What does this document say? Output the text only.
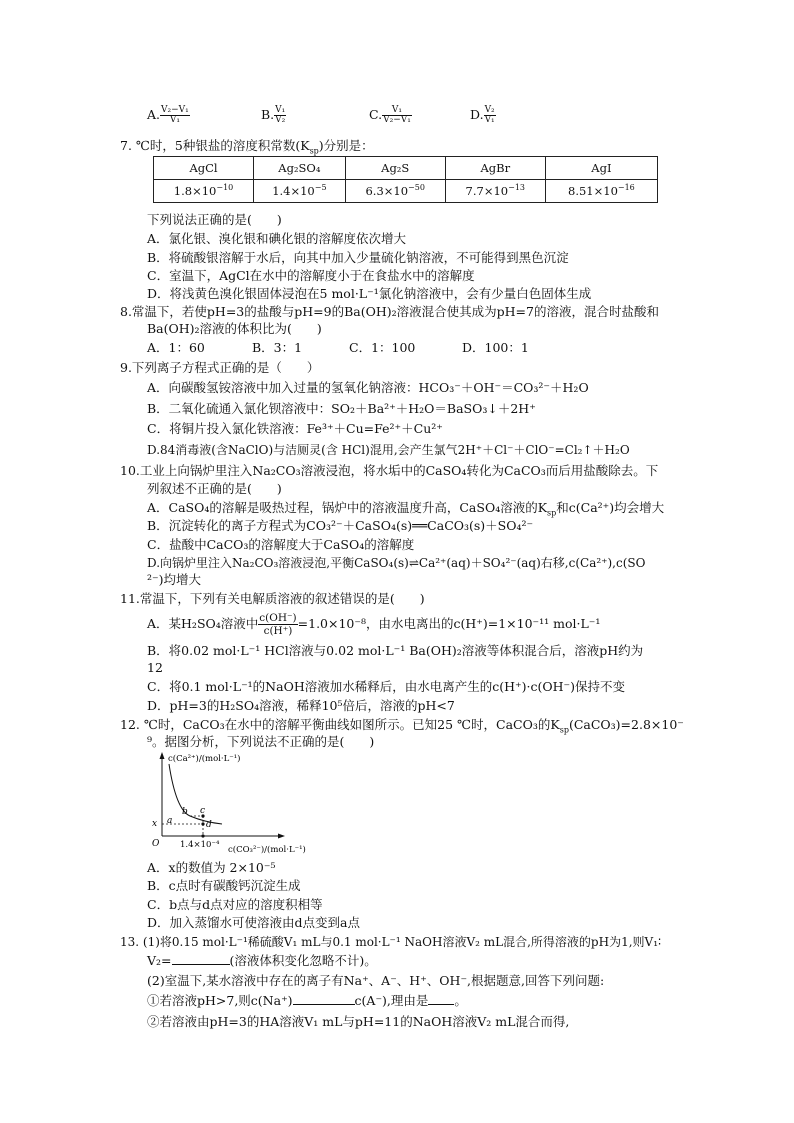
A. $\frac{\text{V₂−V₁}}{\text{V₁}}$	B. $\frac{\text{V₁}}{\text{V₂}}$	C. $\frac{\text{V₁}}{\text{V₂−V₁}}$	D. $\frac{\text{V₂}}{\text{V₁}}$
7. ℃时，5种银盐的溶度积常数$(K_{sp})$分别是：
AgCl	Ag₂SO₄	Ag₂S	AgBr	AgI
$1.8\times 10^{-10}$	$1.4\times 10^{-5}$	$6.3\times 10^{-50}$	$7.7\times 10^{-13}$	$8.51\times 10^{-16}$
下列说法正确的是(　　)
A．氯化银、溴化银和碘化银的溶解度依次增大
B．将硫酸银溶解于水后，向其中加入少量硫化钠溶液，不可能得到黑色沉淀
C．室温下，AgCl在水中的溶解度小于在食盐水中的溶解度
D．将浅黄色溴化银固体浸泡在5 mol·L⁻¹氯化钠溶液中，会有少量白色固体生成
8.常温下，若使pH=3的盐酸与pH=9的Ba(OH)₂溶液混合使其成为pH=7的溶液，混合时盐酸和
Ba(OH)₂溶液的体积比为(　　)
A．1：60	B．3：1	C．1：100	D．100：1
9.下列离子方程式正确的是（　　）
A．向碳酸氢铵溶液中加入过量的氢氧化钠溶液：HCO₃⁻＋OH⁻＝CO₃²⁻＋H₂O
B．二氧化硫通入氯化钡溶液中：SO₂＋Ba²⁺＋H₂O＝BaSO₃↓＋2H⁺
C．将铜片投入氯化铁溶液：Fe³⁺＋Cu=Fe²⁺＋Cu²⁺
D.84消毒液(含NaClO)与洁厕灵(含 HCl)混用,会产生氯气2H⁺＋Cl⁻＋ClO⁻=Cl₂↑＋H₂O
10.工业上向锅炉里注入Na₂CO₃溶液浸泡，将水垢中的CaSO₄转化为CaCO₃而后用盐酸除去。下
列叙述不正确的是(　　)
A．CaSO₄的溶解是吸热过程，锅炉中的溶液温度升高，CaSO₄溶液的$K_{sp}$和c(Ca²⁺)均会增大
B．沉淀转化的离子方程式为CO₃²⁻＋CaSO₄(s)══CaCO₃(s)＋SO₄²⁻
C．盐酸中CaCO₃的溶解度大于CaSO₄的溶解度
D.向锅炉里注入Na₂CO₃溶液浸泡,平衡CaSO₄(s)⇌Ca²⁺(aq)＋SO₄²⁻(aq)右移,c(Ca²⁺),c(SO
²⁻)均增大
11.常温下，下列有关电解质溶液的叙述错误的是(　　)
A．某H₂SO₄溶液中 $\frac{c(OH^-)}{c(H^+)} =1.0\times 10^{-8}$，由水电离出的c(H⁺)=1×10⁻¹¹ mol·L⁻¹
B．将0.02 mol·L⁻¹ HCl溶液与0.02 mol·L⁻¹ Ba(OH)₂溶液等体积混合后，溶液pH约为
12
C．将0.1 mol·L⁻¹的NaOH溶液加水稀释后，由水电离产生的c(H⁺)·c(OH⁻)保持不变
D．pH=3的H₂SO₄溶液，稀释10⁵倍后，溶液的pH<7
12. ℃时，CaCO₃在水中的溶解平衡曲线如图所示。已知25 ℃时，CaCO₃的$K_{sp}(CaCO_3)=2.8\times 10^-$
⁹。据图分析，下列说法不正确的是(　　)
c(Ca²⁺)/(mol·L⁻¹)
c(CO₃²⁻)/(mol·L⁻¹)
1.4×10⁻⁴
x
O
a
b c
d
A．x的数值为 2×10⁻⁵
B．c点时有碳酸钙沉淀生成
C．b点与d点对应的溶度积相等
D．加入蒸馏水可使溶液由d点变到a点
13. (1)将0.15 mol·L⁻¹稀硫酸V₁ mL与0.1 mol·L⁻¹ NaOH溶液V₂ mL混合,所得溶液的pH为1,则V₁∶
V₂=	(溶液体积变化忽略不计)。
(2)室温下,某水溶液中存在的离子有Na⁺、A⁻、H⁺、OH⁻,根据题意,回答下列问题:
①若溶液pH>7,则c(Na⁺)	c(A⁻),理由是 。
②若溶液由pH=3的HA溶液V₁ mL与pH=11的NaOH溶液V₂ mL混合而得,
